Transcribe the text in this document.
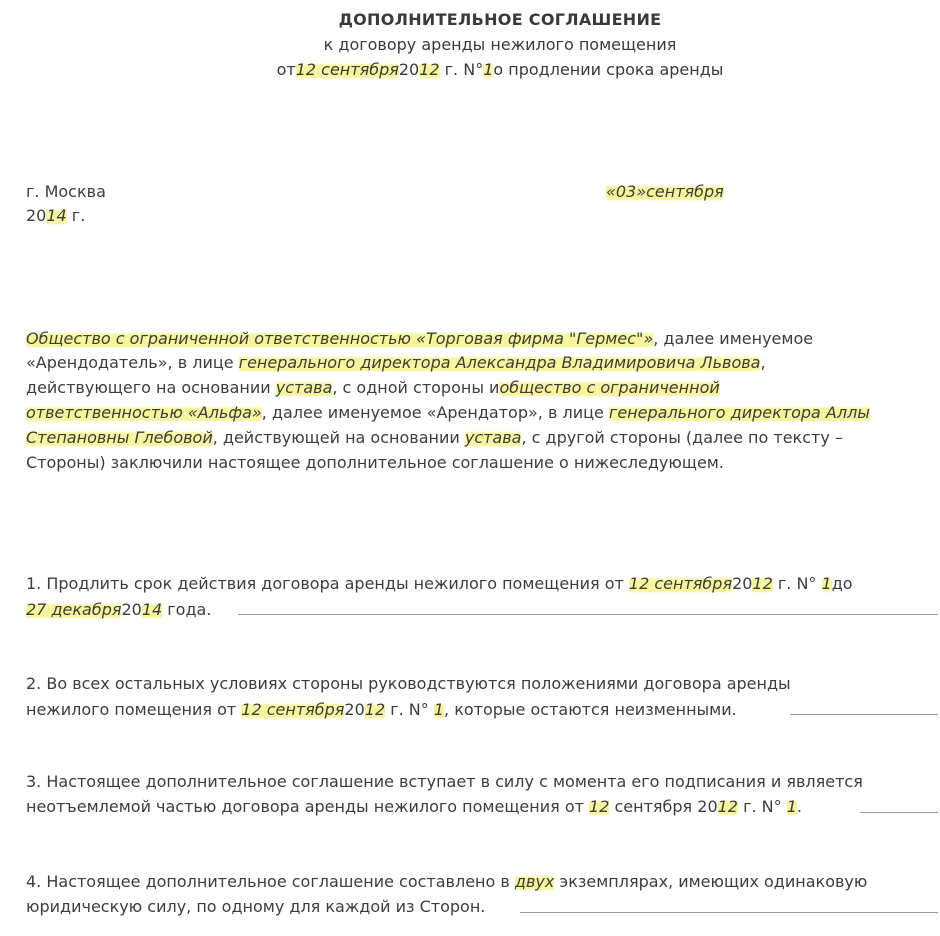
ДОПОЛНИТЕЛЬНОЕ СОГЛАШЕНИЕ
к договору аренды нежилого помещения
от12 сентября2012 г. N°1о продлении срока аренды
г. Москва	«03»сентября
2014 г.
Общество с ограниченной ответственностью «Торговая фирма "Гермес"», далее именуемое
«Арендодатель», в лице генерального директора Александра Владимировича Львова,
действующего на основании устава, с одной стороны иобщество с ограниченной
ответственностью «Альфа», далее именуемое «Арендатор», в лице генерального директора Аллы
Степановны Глебовой, действующей на основании устава, с другой стороны (далее по тексту –
Стороны) заключили настоящее дополнительное соглашение о нижеследующем.
1. Продлить срок действия договора аренды нежилого помещения от 12 сентября2012 г. N° 1до
27 декабря2014 года.
2. Во всех остальных условиях стороны руководствуются положениями договора аренды
нежилого помещения от 12 сентября2012 г. N° 1, которые остаются неизменными.
3. Настоящее дополнительное соглашение вступает в силу с момента его подписания и является
неотъемлемой частью договора аренды нежилого помещения от 12 сентября 2012 г. N° 1.
4. Настоящее дополнительное соглашение составлено в двух экземплярах, имеющих одинаковую
юридическую силу, по одному для каждой из Сторон.
